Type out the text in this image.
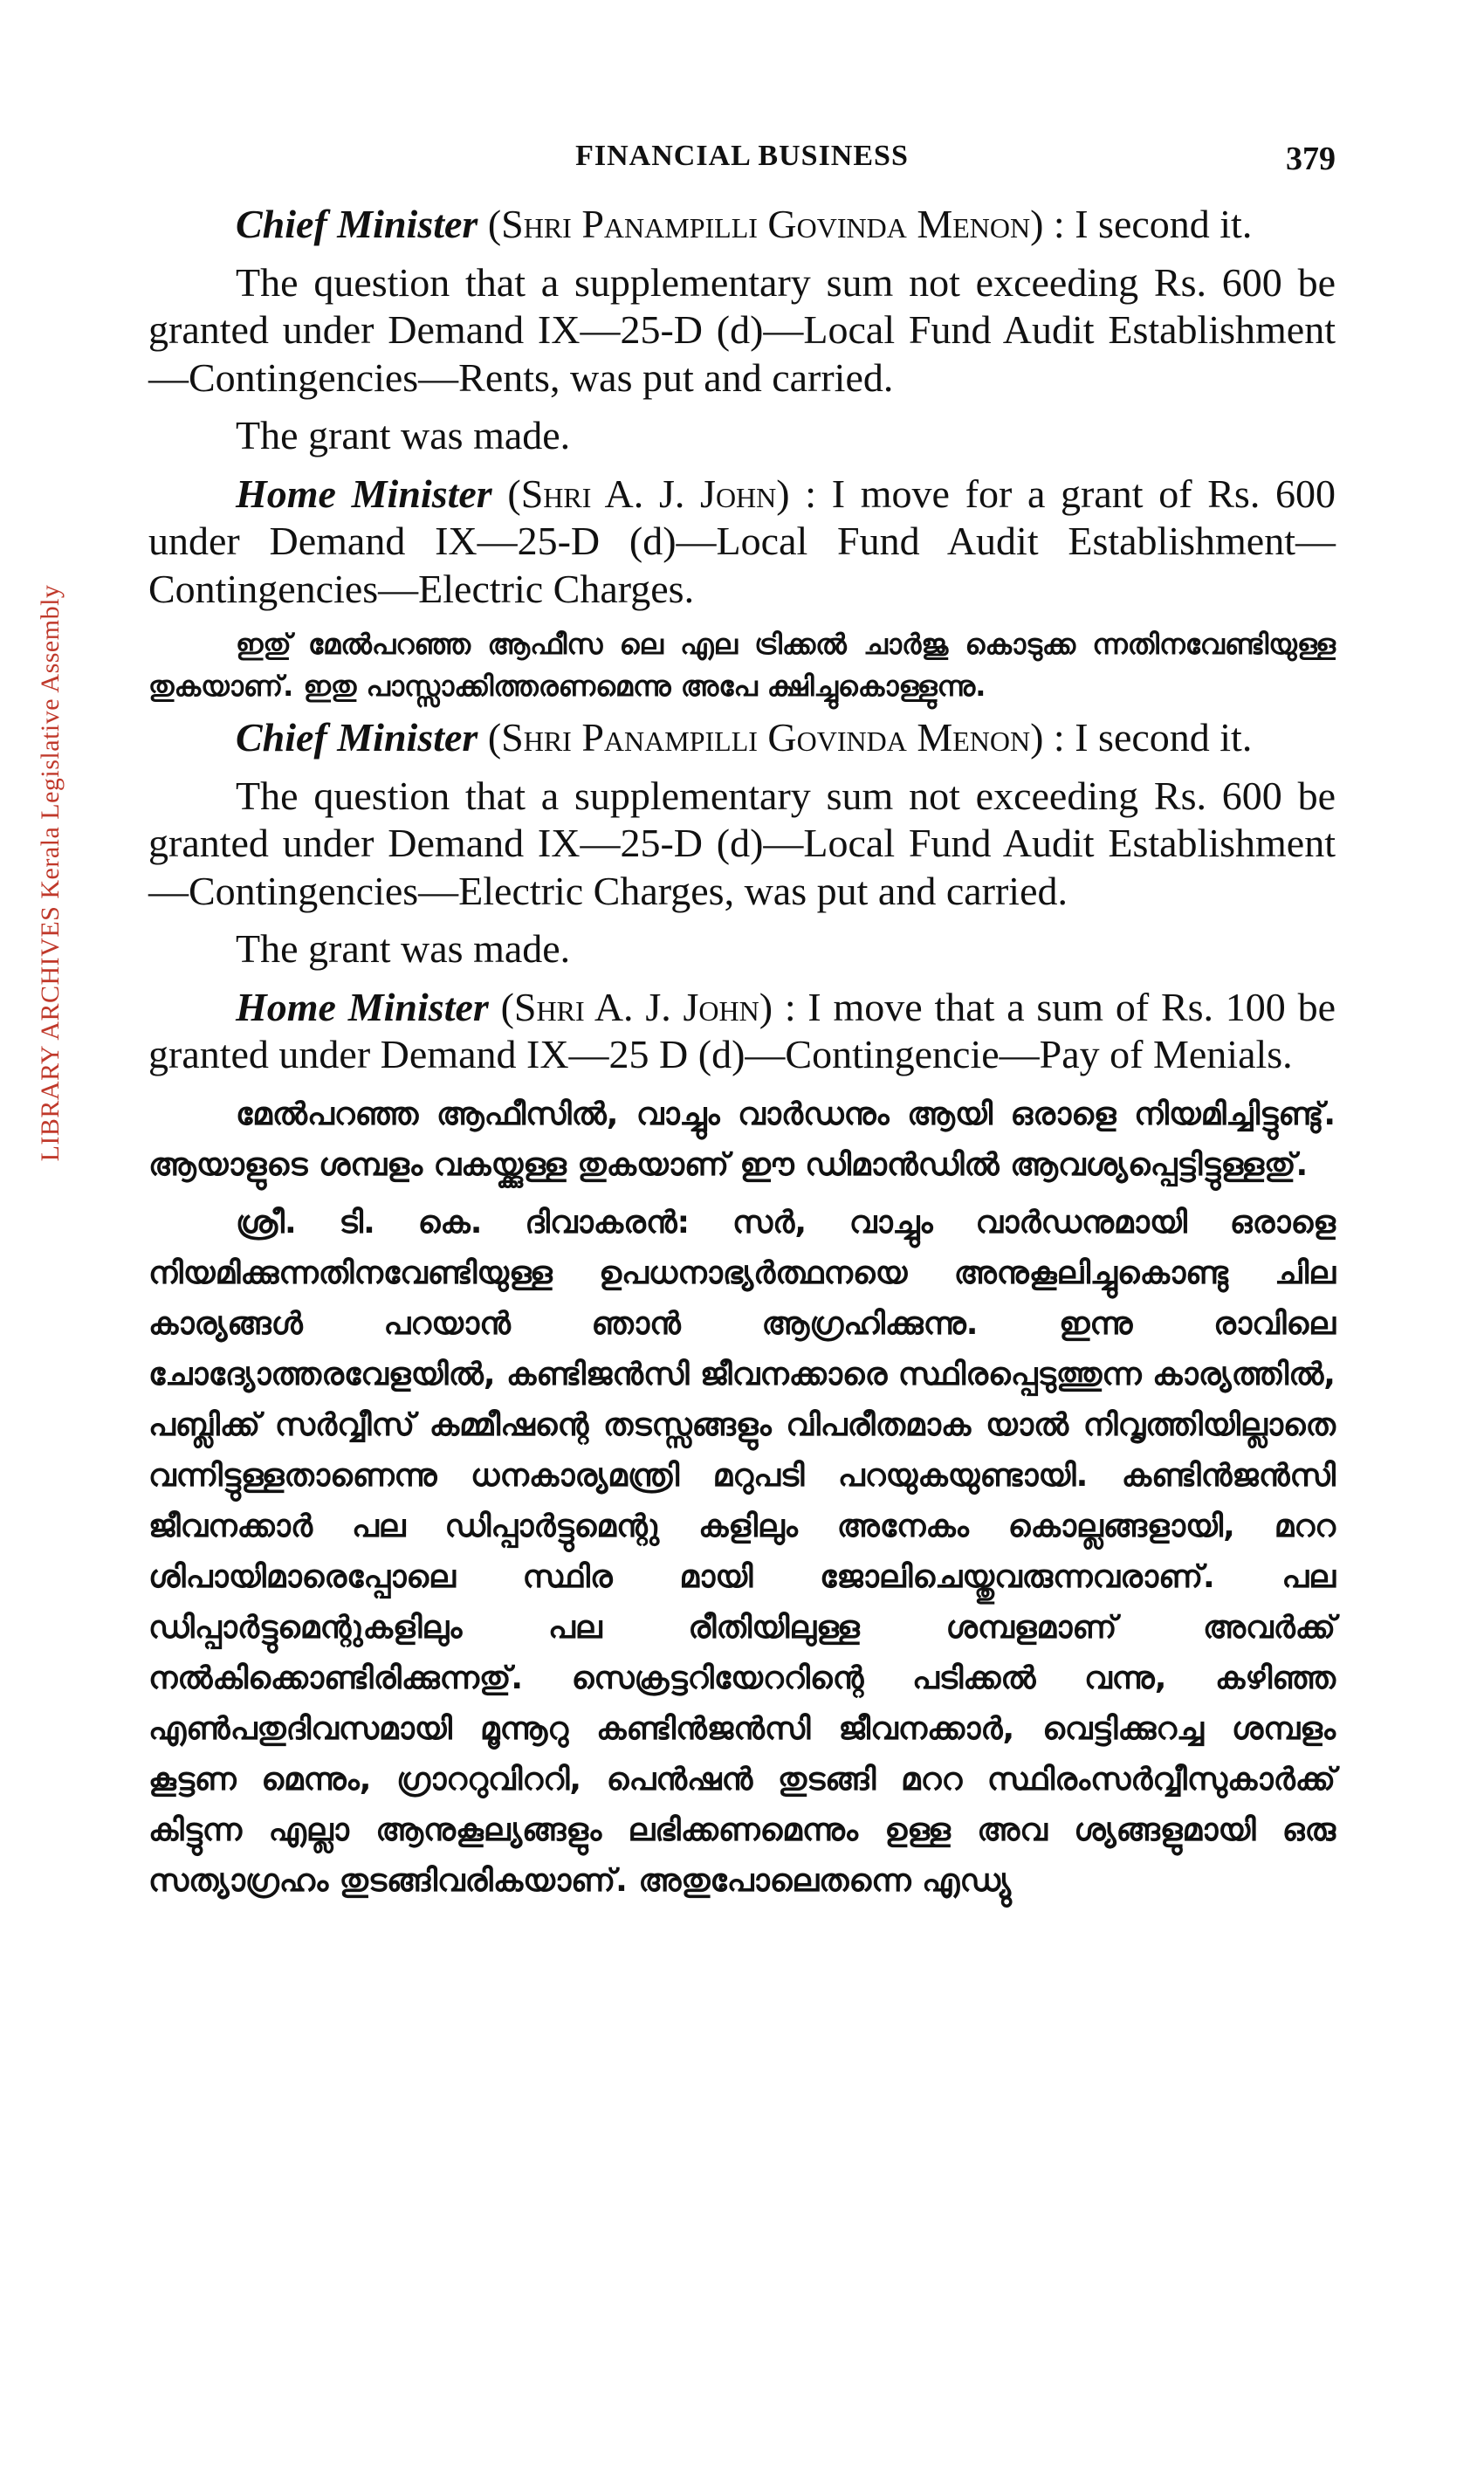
LIBRARY ARCHIVES Kerala Legislative Assembly
FINANCIAL BUSINESS	379

Chief Minister (Shri Panampilli Govinda Menon) : I second it.

The question that a supplementary sum not exceeding Rs. 600 be granted under Demand IX—25-D (d)—Local Fund Audit Establishment—Contingencies—Rents, was put and carried.

The grant was made.

Home Minister (Shri A. J. John) : I move for a grant of Rs. 600 under Demand IX—25-D (d)—Local Fund Audit Establishment—Contingencies—Electric Charges.

ഇതു് മേൽപറഞ്ഞ ആഫീസ ലെ എല ട്രിക്കൽ ചാർജു കൊടുക്ക ന്നതിനവേണ്ടിയുള്ള തുകയാണ്. ഇതു പാസ്സാക്കിത്തരണമെന്നു അപേ ക്ഷിച്ചുകൊള്ളുന്നു.

Chief Minister (Shri Panampilli Govinda Menon) : I second it.

The question that a supplementary sum not exceeding Rs. 600 be granted under Demand IX—25-D (d)—Local Fund Audit Establishment—Contingencies—Electric Charges, was put and carried.

The grant was made.

Home Minister (Shri A. J. John) : I move that a sum of Rs. 100 be granted under Demand IX—25 D (d)—Contingencie—Pay of Menials.

മേൽപറഞ്ഞ ആഫീസിൽ, വാച്ചും വാർഡനും ആയി ഒരാളെ നിയമിച്ചിട്ടുണ്ടു്. ആയാളുടെ ശമ്പളം വകയ്ക്കുള്ള തുകയാണ് ഈ ഡിമാൻഡിൽ ആവശ്യപ്പെട്ടിട്ടുള്ളതു്.

ശ്രീ. ടി. കെ. ദിവാകരൻ: സർ, വാച്ചും വാർഡനുമായി ഒരാളെ നിയമിക്കുന്നതിനവേണ്ടിയുള്ള ഉപധനാഭ്യർത്ഥനയെ അനുകൂലിച്ചുകൊണ്ടു ചില കാര്യങ്ങൾ പറയാൻ ഞാൻ ആഗ്രഹിക്കുന്നു. ഇന്നു രാവിലെ ചോദ്യോത്തരവേളയിൽ, കണ്ടിജൻസി ജീവനക്കാരെ സ്ഥിരപ്പെടുത്തുന്ന കാര്യത്തിൽ, പബ്ലിക്ക് സർവ്വീസ് കമ്മീഷന്റെ തടസ്സങ്ങളും വിപരീതമാക യാൽ നിവൃത്തിയില്ലാതെ വന്നിട്ടുള്ളതാണെന്നു ധനകാര്യമന്ത്രി മറുപടി പറയുകയുണ്ടായി. കണ്ടിൻജൻസി ജീവനക്കാർ പല ഡിപ്പാർട്ടുമെന്റു കളിലും അനേകം കൊല്ലങ്ങളായി, മററ ശിപായിമാരെപ്പോലെ സ്ഥിര മായി ജോലിചെയ്തുവരുന്നവരാണ്. പല ഡിപ്പാർട്ടുമെന്റുകളിലും പല രീതിയിലുള്ള ശമ്പളമാണ് അവർക്ക് നൽകിക്കൊണ്ടിരിക്കുന്നതു്. സെക്രട്ടറിയേററിന്റെ പടിക്കൽ വന്നു, കഴിഞ്ഞ എൺപതുദിവസമായി മൂന്നൂറു കണ്ടിൻജൻസി ജീവനക്കാർ, വെട്ടിക്കുറച്ച ശമ്പളം കൂട്ടണ മെന്നും, ഗ്രാററുവിററി, പെൻഷൻ തുടങ്ങി മററ സ്ഥിരംസർവ്വീസുകാർക്ക് കിട്ടുന്ന എല്ലാ ആനുകൂല്യങ്ങളും ലഭിക്കണമെന്നും ഉള്ള അവ ശ്യങ്ങളുമായി ഒരു സത്യാഗ്രഹം തുടങ്ങിവരികയാണ്. അതുപോലെതന്നെ എഡ്യു
